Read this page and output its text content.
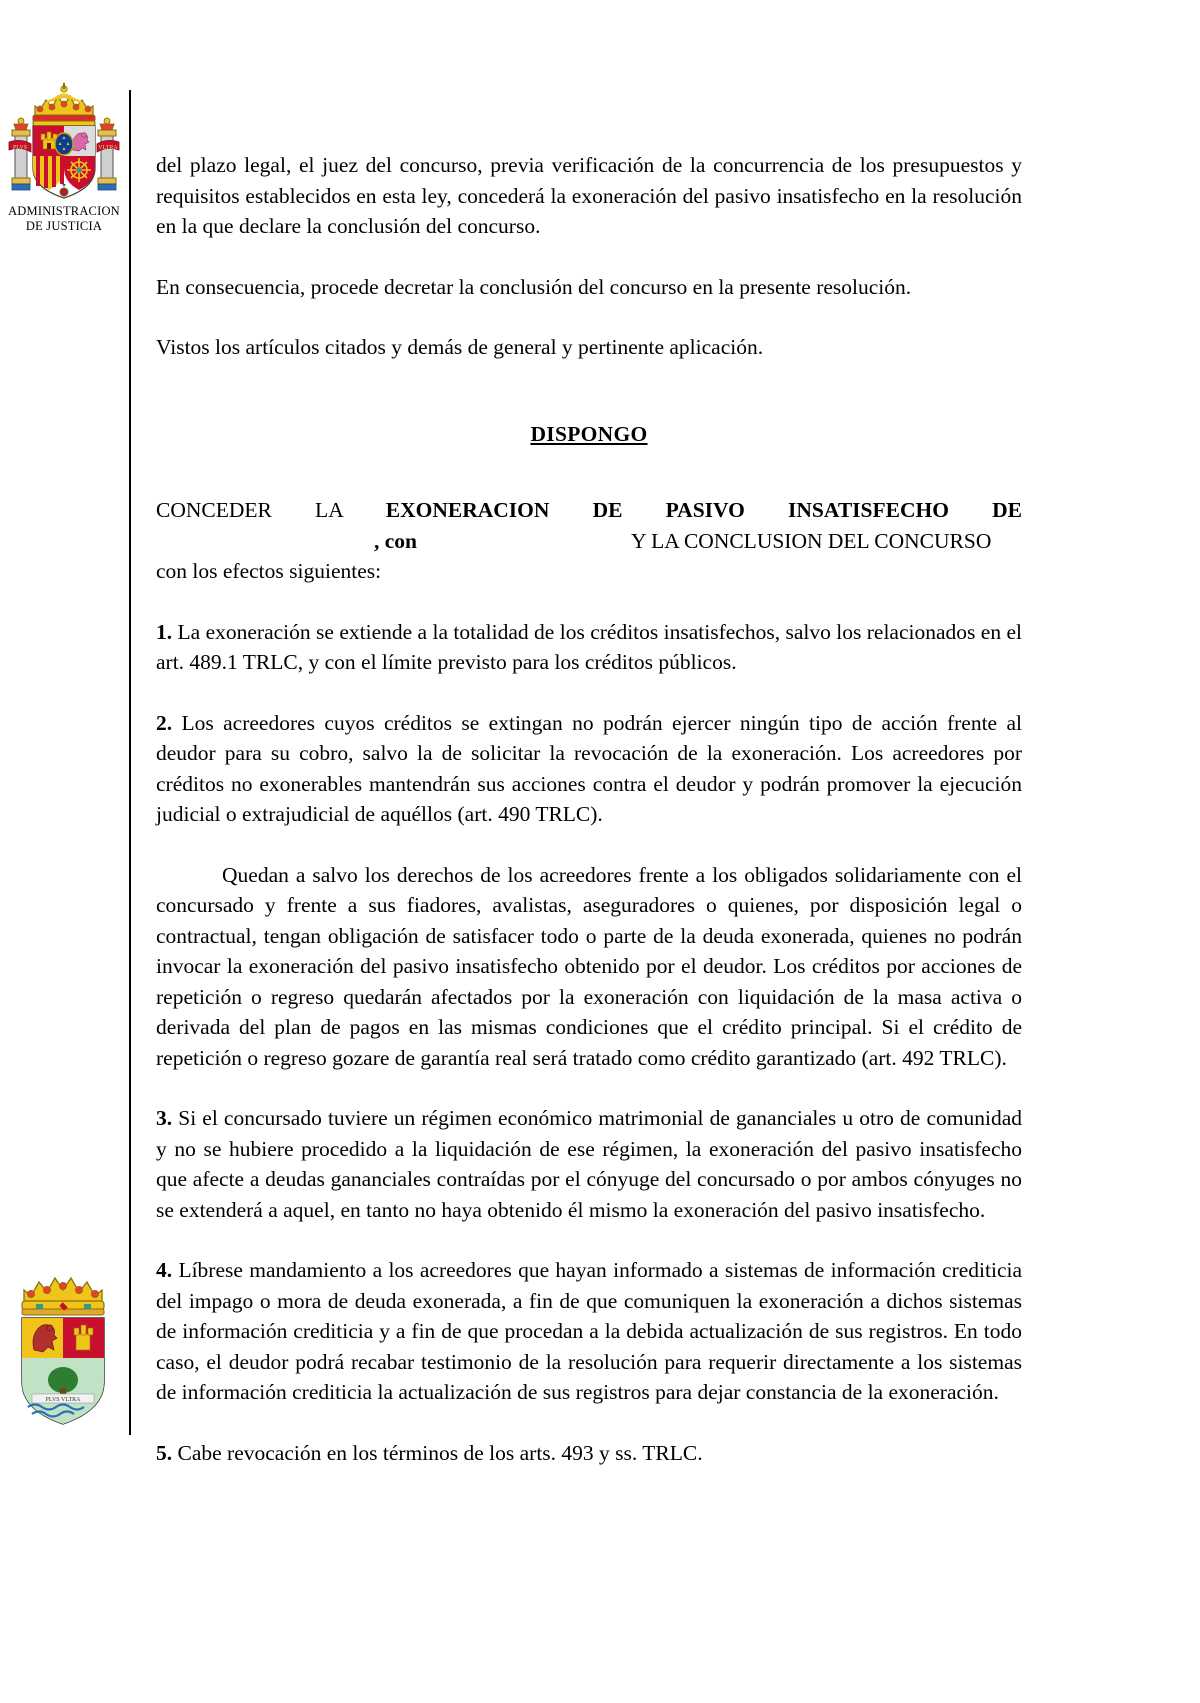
PLVS	VLTRA
ADMINISTRACION
DE JUSTICIA
PLVS VLTRA

del plazo legal, el juez del concurso, previa verificación de la concurrencia de los presupuestos y requisitos establecidos en esta ley, concederá la exoneración del pasivo insatisfecho en la resolución en la que declare la conclusión del concurso.

En consecuencia, procede decretar la conclusión del concurso en la presente resolución.

Vistos los artículos citados y demás de general y pertinente aplicación.

DISPONGO

CONCEDER LA EXONERACION DE PASIVO INSATISFECHO DE
, con	Y LA CONCLUSION DEL CONCURSO
con los efectos siguientes:

1. La exoneración se extiende a la totalidad de los créditos insatisfechos, salvo los relacionados en el art. 489.1 TRLC, y con el límite previsto para los créditos públicos.

2. Los acreedores cuyos créditos se extingan no podrán ejercer ningún tipo de acción frente al deudor para su cobro, salvo la de solicitar la revocación de la exoneración. Los acreedores por créditos no exonerables mantendrán sus acciones contra el deudor y podrán promover la ejecución judicial o extrajudicial de aquéllos (art. 490 TRLC).

Quedan a salvo los derechos de los acreedores frente a los obligados solidariamente con el concursado y frente a sus fiadores, avalistas, aseguradores o quienes, por disposición legal o contractual, tengan obligación de satisfacer todo o parte de la deuda exonerada, quienes no podrán invocar la exoneración del pasivo insatisfecho obtenido por el deudor. Los créditos por acciones de repetición o regreso quedarán afectados por la exoneración con liquidación de la masa activa o derivada del plan de pagos en las mismas condiciones que el crédito principal. Si el crédito de repetición o regreso gozare de garantía real será tratado como crédito garantizado (art. 492 TRLC).

3. Si el concursado tuviere un régimen económico matrimonial de gananciales u otro de comunidad y no se hubiere procedido a la liquidación de ese régimen, la exoneración del pasivo insatisfecho que afecte a deudas gananciales contraídas por el cónyuge del concursado o por ambos cónyuges no se extenderá a aquel, en tanto no haya obtenido él mismo la exoneración del pasivo insatisfecho.

4. Líbrese mandamiento a los acreedores que hayan informado a sistemas de información crediticia del impago o mora de deuda exonerada, a fin de que comuniquen la exoneración a dichos sistemas de información crediticia y a fin de que procedan a la debida actualización de sus registros. En todo caso, el deudor podrá recabar testimonio de la resolución para requerir directamente a los sistemas de información crediticia la actualización de sus registros para dejar constancia de la exoneración.

5. Cabe revocación en los términos de los arts. 493 y ss. TRLC.
